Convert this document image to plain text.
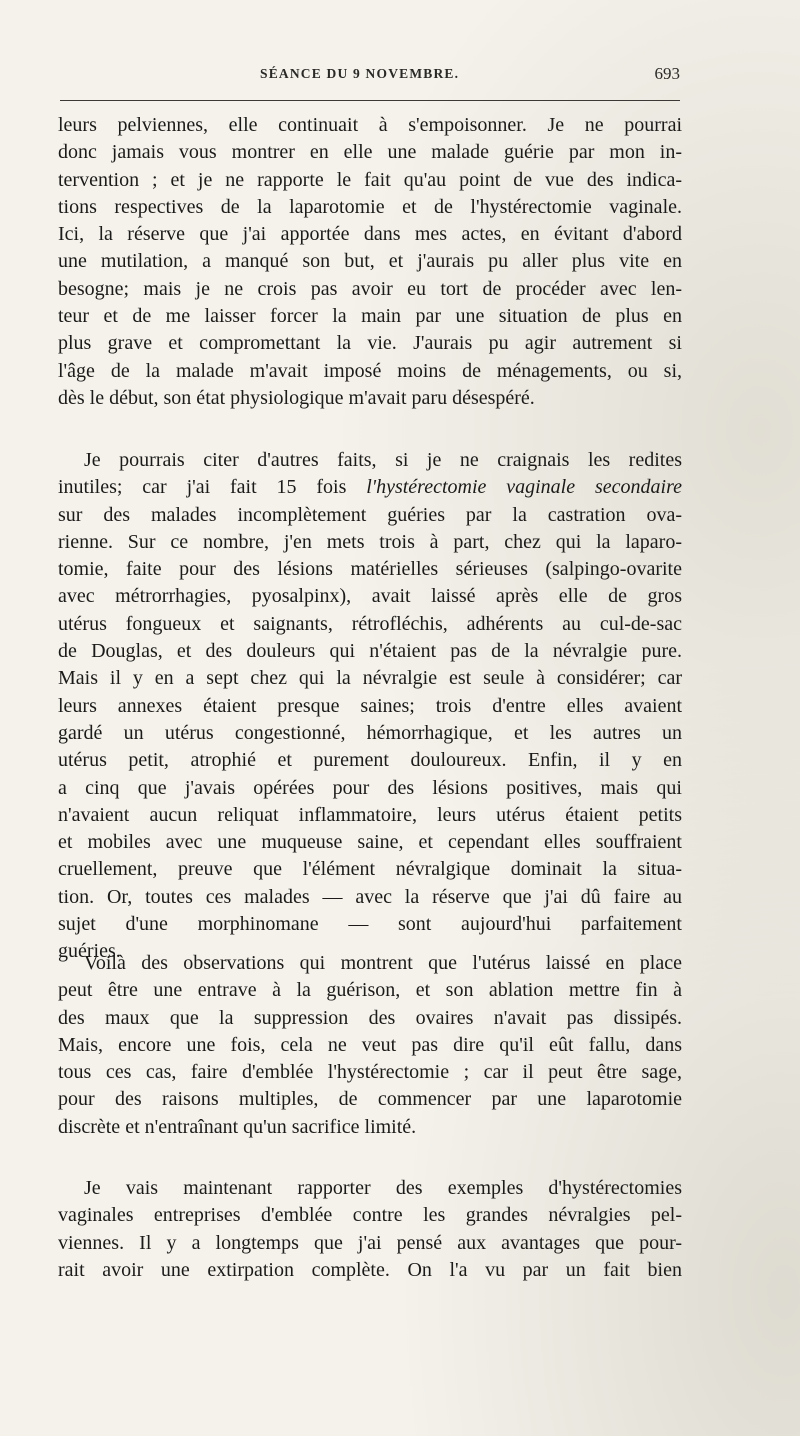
SÉANCE DU 9 NOVEMBRE.	693
leurs pelviennes, elle continuait à s'empoisonner. Je ne pourrai
donc jamais vous montrer en elle une malade guérie par mon in-
tervention ; et je ne rapporte le fait qu'au point de vue des indica-
tions respectives de la laparotomie et de l'hystérectomie vaginale.
Ici, la réserve que j'ai apportée dans mes actes, en évitant d'abord
une mutilation, a manqué son but, et j'aurais pu aller plus vite en
besogne; mais je ne crois pas avoir eu tort de procéder avec len-
teur et de me laisser forcer la main par une situation de plus en
plus grave et compromettant la vie. J'aurais pu agir autrement si
l'âge de la malade m'avait imposé moins de ménagements, ou si,
dès le début, son état physiologique m'avait paru désespéré.
Je pourrais citer d'autres faits, si je ne craignais les redites
inutiles; car j'ai fait 15 fois l'hystérectomie vaginale secondaire
sur des malades incomplètement guéries par la castration ova-
rienne. Sur ce nombre, j'en mets trois à part, chez qui la laparo-
tomie, faite pour des lésions matérielles sérieuses (salpingo-ovarite
avec métrorrhagies, pyosalpinx), avait laissé après elle de gros
utérus fongueux et saignants, rétrofléchis, adhérents au cul-de-sac
de Douglas, et des douleurs qui n'étaient pas de la névralgie pure.
Mais il y en a sept chez qui la névralgie est seule à considérer; car
leurs annexes étaient presque saines; trois d'entre elles avaient
gardé un utérus congestionné, hémorrhagique, et les autres un
utérus petit, atrophié et purement douloureux. Enfin, il y en
a cinq que j'avais opérées pour des lésions positives, mais qui
n'avaient aucun reliquat inflammatoire, leurs utérus étaient petits
et mobiles avec une muqueuse saine, et cependant elles souffraient
cruellement, preuve que l'élément névralgique dominait la situa-
tion. Or, toutes ces malades — avec la réserve que j'ai dû faire au
sujet d'une morphinomane — sont aujourd'hui parfaitement
guéries.
Voilà des observations qui montrent que l'utérus laissé en place
peut être une entrave à la guérison, et son ablation mettre fin à
des maux que la suppression des ovaires n'avait pas dissipés.
Mais, encore une fois, cela ne veut pas dire qu'il eût fallu, dans
tous ces cas, faire d'emblée l'hystérectomie ; car il peut être sage,
pour des raisons multiples, de commencer par une laparotomie
discrète et n'entraînant qu'un sacrifice limité.
Je vais maintenant rapporter des exemples d'hystérectomies
vaginales entreprises d'emblée contre les grandes névralgies pel-
viennes. Il y a longtemps que j'ai pensé aux avantages que pour-
rait avoir une extirpation complète. On l'a vu par un fait bien
